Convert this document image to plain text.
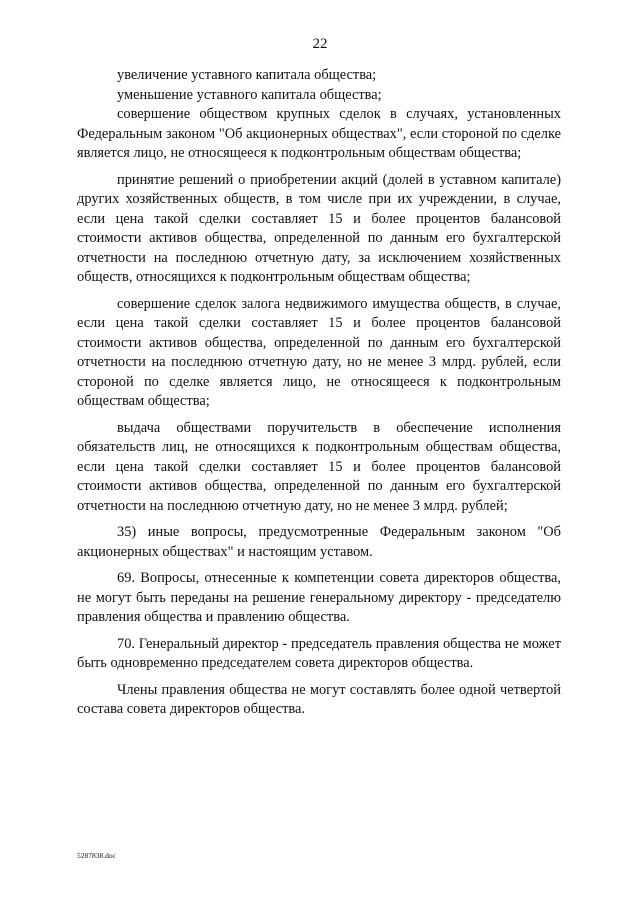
22

увеличение уставного капитала общества;

уменьшение уставного капитала общества;

совершение обществом крупных сделок в случаях, установленных Федеральным законом "Об акционерных обществах", если стороной по сделке является лицо, не относящееся к подконтрольным обществам общества;

принятие решений о приобретении акций (долей в уставном капитале) других хозяйственных обществ, в том числе при их учреждении, в случае, если цена такой сделки составляет 15 и более процентов балансовой стоимости активов общества, определенной по данным его бухгалтерской отчетности на последнюю отчетную дату, за исключением хозяйственных обществ, относящихся к подконтрольным обществам общества;

совершение сделок залога недвижимого имущества обществ, в случае, если цена такой сделки составляет 15 и более процентов балансовой стоимости активов общества, определенной по данным его бухгалтерской отчетности на последнюю отчетную дату, но не менее 3 млрд. рублей, если стороной по сделке является лицо, не относящееся к подконтрольным обществам общества;

выдача обществами поручительств в обеспечение исполнения обязательств лиц, не относящихся к подконтрольным обществам общества, если цена такой сделки составляет 15 и более процентов балансовой стоимости активов общества, определенной по данным его бухгалтерской отчетности на последнюю отчетную дату, но не менее 3 млрд. рублей;

35) иные вопросы, предусмотренные Федеральным законом "Об акционерных обществах" и настоящим уставом.

69. Вопросы, отнесенные к компетенции совета директоров общества, не могут быть переданы на решение генеральному директору - председателю правления общества и правлению общества.

70. Генеральный директор - председатель правления общества не может быть одновременно председателем совета директоров общества.

Члены правления общества не могут составлять более одной четвертой состава совета директоров общества.

5287838.doc
